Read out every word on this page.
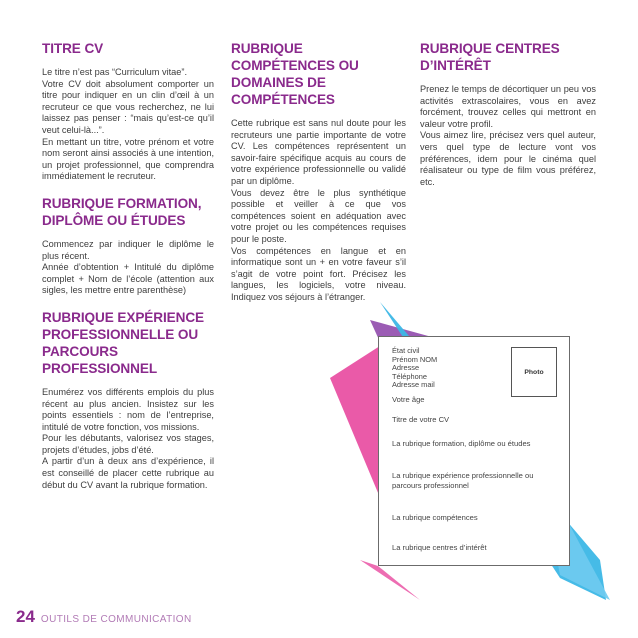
TITRE CV

Le titre n’est pas “Curriculum vitae”.
Votre CV doit absolument comporter un titre pour indiquer en un clin d’œil à un recruteur ce que vous recherchez, ne lui laissez pas penser : “mais qu’est-ce qu’il veut celui-là...”.
En mettant un titre, votre prénom et votre nom seront ainsi associés à une intention, un projet professionnel, que comprendra immédiatement le recruteur.

RUBRIQUE FORMATION, DIPLÔME OU ÉTUDES

Commencez par indiquer le diplôme le plus récent.
Année d’obtention + Intitulé du diplôme complet + Nom de l’école (attention aux sigles, les mettre entre parenthèse)

RUBRIQUE EXPÉRIENCE PROFESSIONNELLE OU PARCOURS PROFESSIONNEL

Enumérez vos différents emplois du plus récent au plus ancien. Insistez sur les points essentiels : nom de l’entreprise, intitulé de votre fonction, vos missions.
Pour les débutants, valorisez vos stages, projets d’études, jobs d’été.
A partir d’un à deux ans d’expérience, il est conseillé de placer cette rubrique au début du CV avant la rubrique formation.

RUBRIQUE COMPÉTENCES OU DOMAINES DE COMPÉTENCES

Cette rubrique est sans nul doute pour les recruteurs une partie importante de votre CV. Les compétences représentent un savoir-faire spécifique acquis au cours de votre expérience professionnelle ou validé par un diplôme.
Vous devez être le plus synthétique possible et veiller à ce que vos compétences soient en adéquation avec votre projet ou les compétences requises pour le poste.
Vos compétences en langue et en informatique sont un + en votre faveur s’il s’agit de votre point fort. Précisez les langues, les logiciels, votre niveau. Indiquez vos séjours à l’étranger.

RUBRIQUE CENTRES D’INTÉRÊT

Prenez le temps de décortiquer un peu vos activités extrascolaires, vous en avez forcément, trouvez celles qui mettront en valeur votre profil.
Vous aimez lire, précisez vers quel auteur, vers quel type de lecture vont vos préférences, idem pour le cinéma quel réalisateur ou type de film vous préférez, etc.

État civil
Prénom NOM
Adresse
Téléphone
Adresse mail
Photo
Votre âge
Titre de votre CV
La rubrique formation, diplôme ou études
La rubrique expérience professionnelle ou
parcours professionnel
La rubrique compétences
La rubrique centres d’intérêt
24 OUTILS DE COMMUNICATION
